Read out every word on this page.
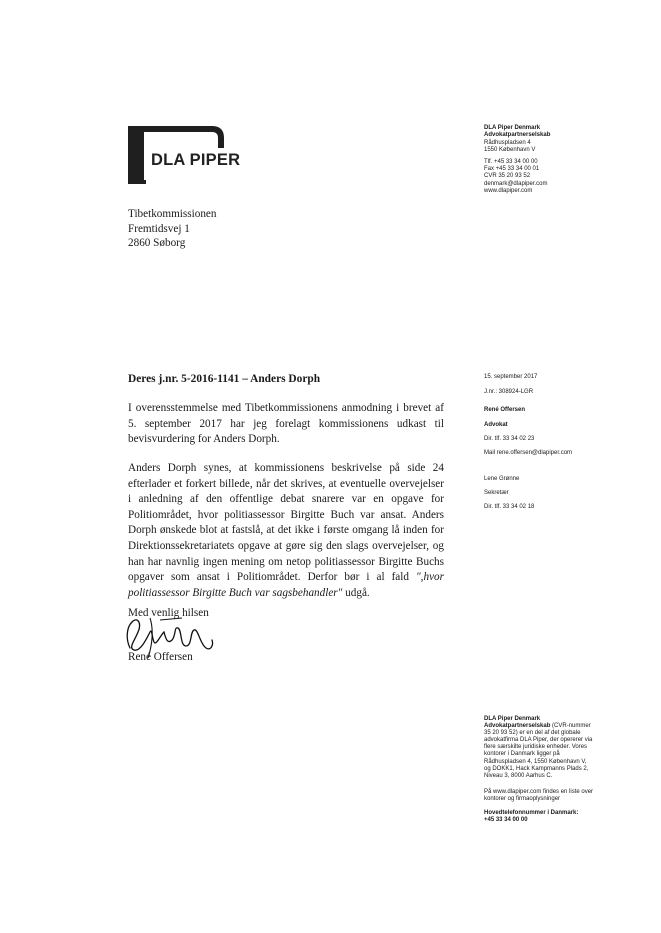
DLA PIPER
DLA Piper Denmark
Advokatpartnerselskab
Rådhuspladsen 4
1550 København V
Tlf. +45 33 34 00 00
Fax +45 33 34 00 01
CVR 35 20 93 52
denmark@dlapiper.com
www.dlapiper.com
Tibetkommissionen
Fremtidsvej 1
2860 Søborg
Deres j.nr. 5-2016-1141 – Anders Dorph	15. september 2017
J.nr.: 308924-LGR
René Offersen
Advokat
Dir. tlf. 33 34 02 23
Mail rene.offersen@dlapiper.com
Lene Grønne
Sekretær
Dir. tlf. 33 34 02 18
I overensstemmelse med Tibetkommissionens anmodning i brevet af 5. september 2017 har jeg forelagt kommissionens udkast til bevisvurdering for Anders Dorph.
Anders Dorph synes, at kommissionens beskrivelse på side 24 efterlader et forkert billede, når det skrives, at eventuelle overvejelser i anledning af den offentlige debat snarere var en opgave for Politiområdet, hvor politiassessor Birgitte Buch var ansat. Anders Dorph ønskede blot at fastslå, at det ikke i første omgang lå inden for Direktionssekretariatets opgave at gøre sig den slags overvejelser, og han har navnlig ingen mening om netop politiassessor Birgitte Buchs opgaver som ansat i Politiområdet. Derfor bør i al fald ",hvor politiassessor Birgitte Buch var sagsbehandler" udgå.
Med venlig hilsen
René Offersen
DLA Piper Denmark Advokatpartnerselskab (CVR-nummer 35 20 93 52) er en del af det globale advokatfirma DLA Piper, der opererer via flere særskilte juridiske enheder. Vores kontorer i Danmark ligger på Rådhuspladsen 4, 1550 København V, og DOKK1, Hack Kampmanns Plads 2, Niveau 3, 8000 Aarhus C.
På www.dlapiper.com findes en liste over kontorer og firmaoplysninger
Hovedtelefonnummer i Danmark:
+45 33 34 00 00
